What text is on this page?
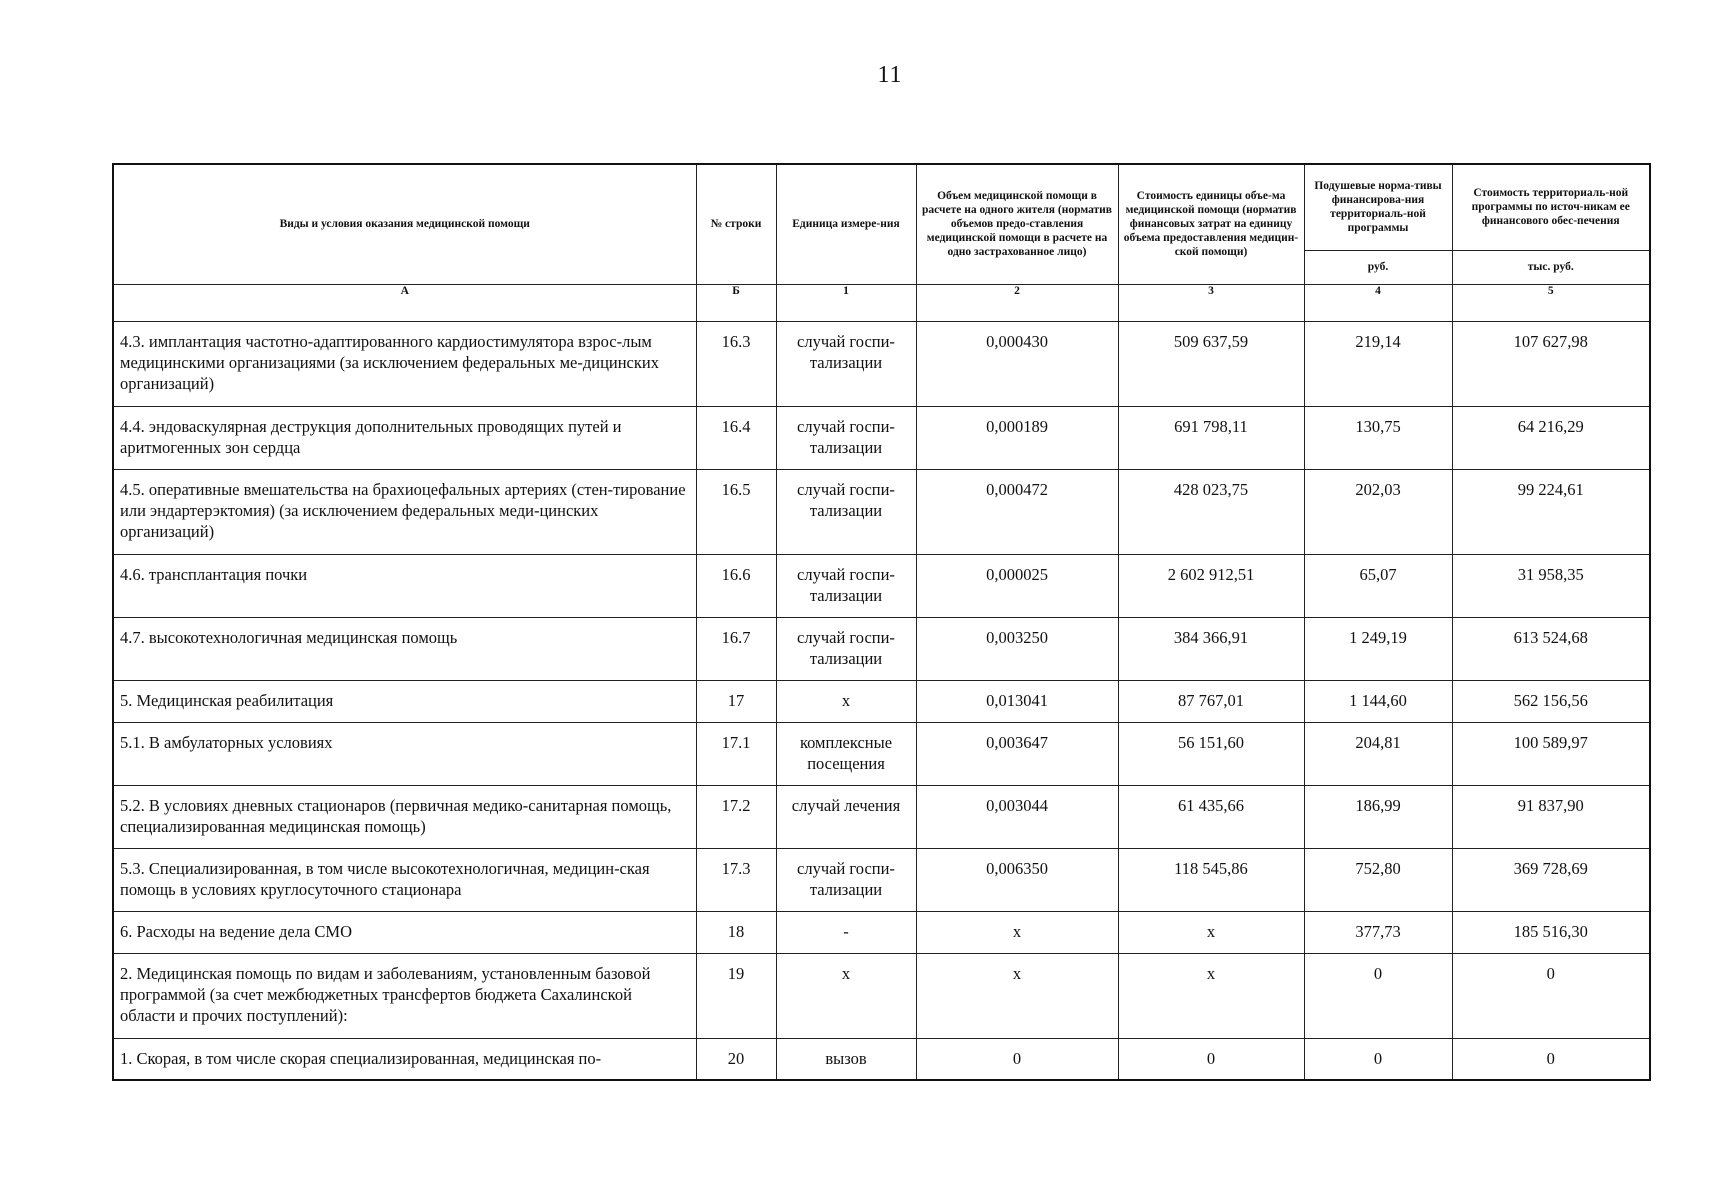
11
Виды и условия оказания медицинской помощи	№ строки	Единица измере-ния	Объем медицинской помощи в расчете на одного жителя (норматив объемов предо-ставления медицинской помощи в расчете на одно застрахованное лицо)	Стоимость единицы объе-ма медицинской помощи (норматив финансовых затрат на единицу объема предоставления медицин-ской помощи)	Подушевые норма-тивы финансирова-ния территориаль-ной программы	Стоимость территориаль-ной программы по источ-никам ее финансового обес-печения
					руб.	тыс. руб.
А	Б	1	2	3	4	5
4.3. имплантация частотно-адаптированного кардиостимулятора взрос-лым медицинскими организациями (за исключением федеральных ме-дицинских организаций)	16.3	случай госпи-тализации	0,000430	509 637,59	219,14	107 627,98
4.4. эндоваскулярная деструкция дополнительных проводящих путей и аритмогенных зон сердца	16.4	случай госпи-тализации	0,000189	691 798,11	130,75	64 216,29
4.5. оперативные вмешательства на брахиоцефальных артериях (стен-тирование или эндартерэктомия) (за исключением федеральных меди-цинских организаций)	16.5	случай госпи-тализации	0,000472	428 023,75	202,03	99 224,61
4.6. трансплантация почки	16.6	случай госпи-тализации	0,000025	2 602 912,51	65,07	31 958,35
4.7. высокотехнологичная медицинская помощь	16.7	случай госпи-тализации	0,003250	384 366,91	1 249,19	613 524,68
5. Медицинская реабилитация	17	х	0,013041	87 767,01	1 144,60	562 156,56
5.1. В амбулаторных условиях	17.1	комплексные посещения	0,003647	56 151,60	204,81	100 589,97
5.2. В условиях дневных стационаров (первичная медико-санитарная помощь, специализированная медицинская помощь)	17.2	случай лечения	0,003044	61 435,66	186,99	91 837,90
5.3. Специализированная, в том числе высокотехнологичная, медицин-ская помощь в условиях круглосуточного стационара	17.3	случай госпи-тализации	0,006350	118 545,86	752,80	369 728,69
6. Расходы на ведение дела СМО	18	-	х	х	377,73	185 516,30
2. Медицинская помощь по видам и заболеваниям, установленным базовой программой (за счет межбюджетных трансфертов бюджета Сахалинской области и прочих поступлений):	19	х	х	х	0	0
1. Скорая, в том числе скорая специализированная, медицинская по-	20	вызов	0	0	0	0
